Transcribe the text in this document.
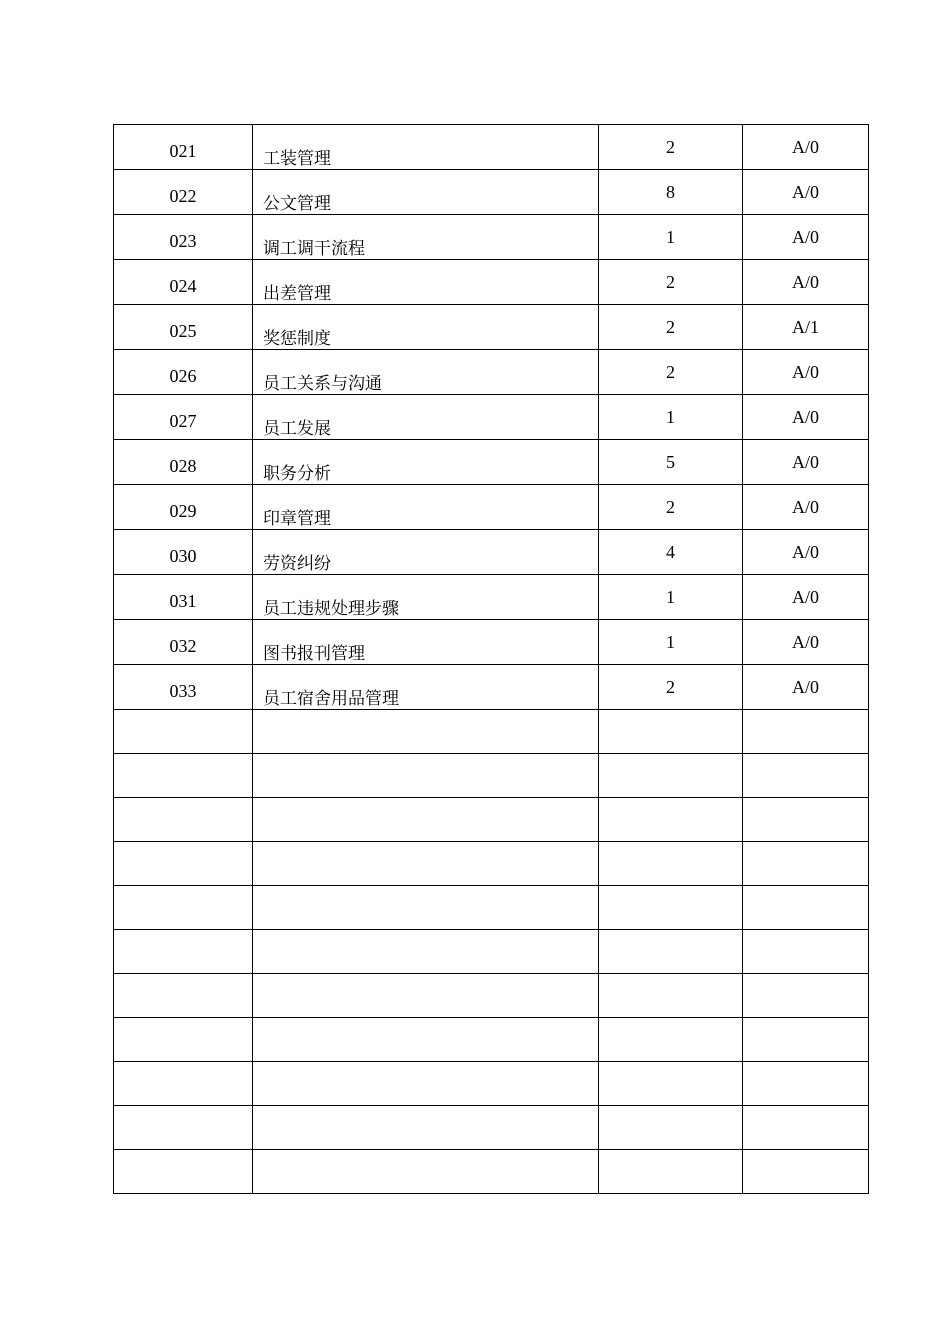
021	工装管理	2	A/0
022	公文管理	8	A/0
023	调工调干流程	1	A/0
024	出差管理	2	A/0
025	奖惩制度	2	A/1
026	员工关系与沟通	2	A/0
027	员工发展	1	A/0
028	职务分析	5	A/0
029	印章管理	2	A/0
030	劳资纠纷	4	A/0
031	员工违规处理步骤	1	A/0
032	图书报刊管理	1	A/0
033	员工宿舍用品管理	2	A/0
